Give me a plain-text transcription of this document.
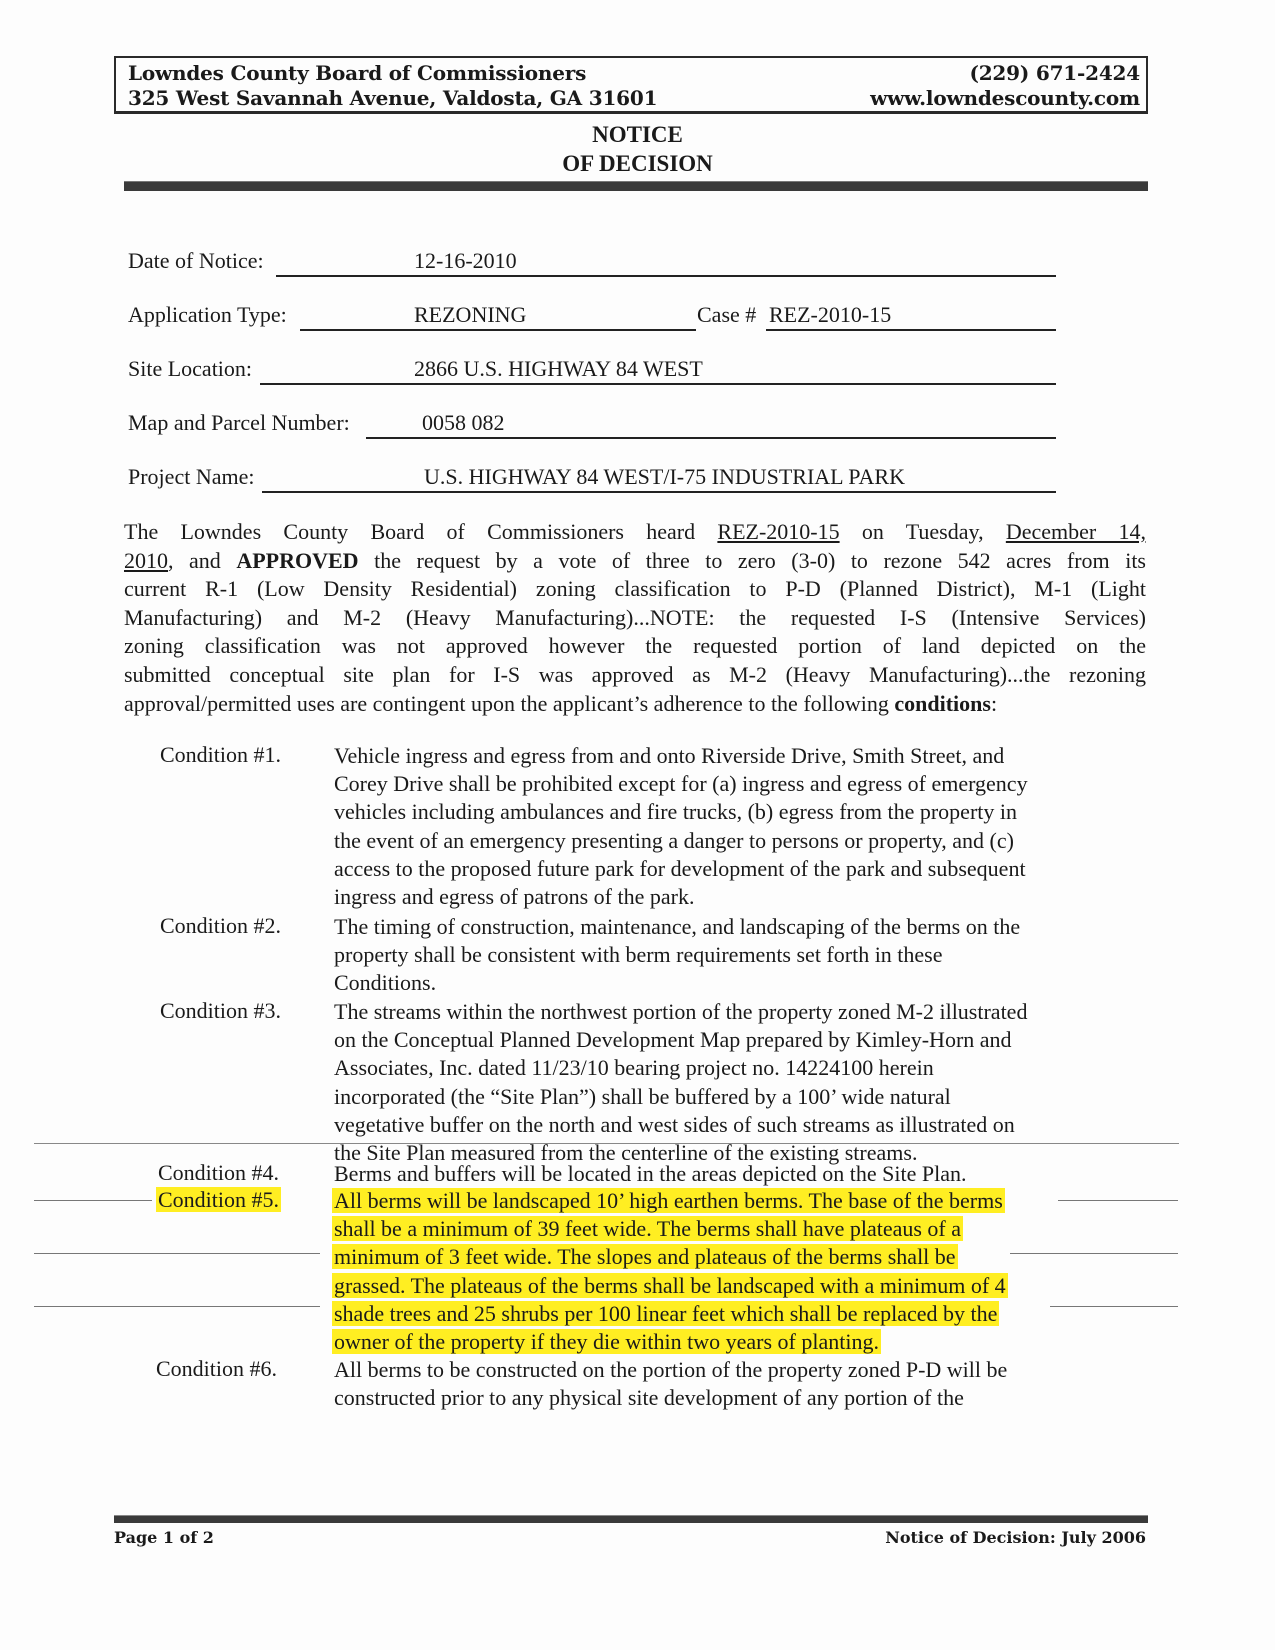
Lowndes County Board of Commissioners
325 West Savannah Avenue, Valdosta, GA 31601
(229) 671-2424
www.lowndescounty.com
NOTICE
OF DECISION
Date of Notice:	12-16-2010
Application Type:	REZONING	Case # REZ-2010-15
Site Location:	2866 U.S. HIGHWAY 84 WEST
Map and Parcel Number:	0058 082
Project Name:	U.S. HIGHWAY 84 WEST/I-75 INDUSTRIAL PARK
The Lowndes County Board of Commissioners heard REZ-2010-15 on Tuesday, December 14,
2010, and APPROVED the request by a vote of three to zero (3-0) to rezone 542 acres from its
current R-1 (Low Density Residential) zoning classification to P-D (Planned District), M-1 (Light
Manufacturing) and M-2 (Heavy Manufacturing)...NOTE: the requested I-S (Intensive Services)
zoning classification was not approved however the requested portion of land depicted on the
submitted conceptual site plan for I-S was approved as M-2 (Heavy Manufacturing)...the rezoning
approval/permitted uses are contingent upon the applicant’s adherence to the following conditions:
Condition #1. Vehicle ingress and egress from and onto Riverside Drive, Smith Street, and
Corey Drive shall be prohibited except for (a) ingress and egress of emergency
vehicles including ambulances and fire trucks, (b) egress from the property in
the event of an emergency presenting a danger to persons or property, and (c)
access to the proposed future park for development of the park and subsequent
ingress and egress of patrons of the park.
Condition #2. The timing of construction, maintenance, and landscaping of the berms on the
property shall be consistent with berm requirements set forth in these
Conditions.
Condition #3. The streams within the northwest portion of the property zoned M-2 illustrated
on the Conceptual Planned Development Map prepared by Kimley-Horn and
Associates, Inc. dated 11/23/10 bearing project no. 14224100 herein
incorporated (the “Site Plan”) shall be buffered by a 100’ wide natural
vegetative buffer on the north and west sides of such streams as illustrated on
the Site Plan measured from the centerline of the existing streams.
Condition #4. Berms and buffers will be located in the areas depicted on the Site Plan.
Condition #5. All berms will be landscaped 10’ high earthen berms. The base of the berms
shall be a minimum of 39 feet wide. The berms shall have plateaus of a
minimum of 3 feet wide. The slopes and plateaus of the berms shall be
grassed. The plateaus of the berms shall be landscaped with a minimum of 4
shade trees and 25 shrubs per 100 linear feet which shall be replaced by the
owner of the property if they die within two years of planting.
Condition #6.	All berms to be constructed on the portion of the property zoned P-D will be
constructed prior to any physical site development of any portion of the
Page 1 of 2	Notice of Decision: July 2006
